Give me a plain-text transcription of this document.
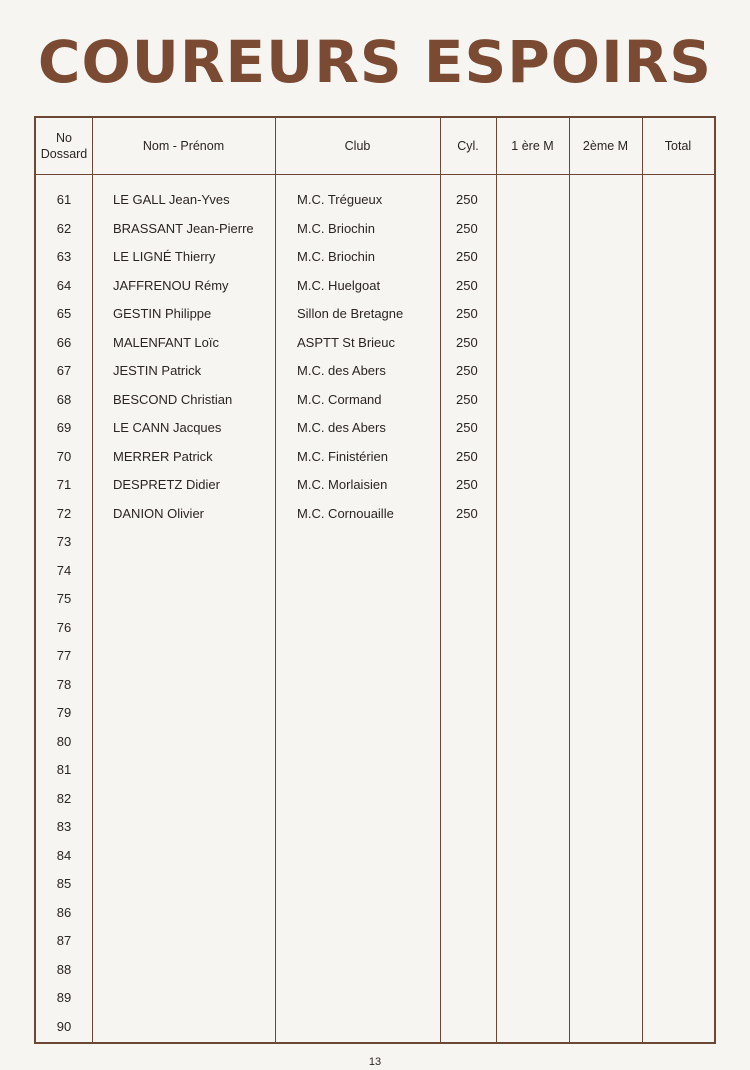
COUREURS ESPOIRS
No
Dossard
Nom - Prénom	Club	Cyl.	1 ère M	2ème M	Total
61	LE GALL Jean-Yves	M.C. Trégueux	250
62	BRASSANT Jean-Pierre	M.C. Briochin	250
63	LE LIGNÉ Thierry	M.C. Briochin	250
64	JAFFRENOU Rémy	M.C. Huelgoat	250
65	GESTIN Philippe	Sillon de Bretagne	250
66	MALENFANT Loïc	ASPTT St Brieuc	250
67	JESTIN Patrick	M.C. des Abers	250
68	BESCOND Christian	M.C. Cormand	250
69	LE CANN Jacques	M.C. des Abers	250
70	MERRER Patrick	M.C. Finistérien	250
71	DESPRETZ Didier	M.C. Morlaisien	250
72	DANION Olivier	M.C. Cornouaille	250
73
74
75
76
77
78
79
80
81
82
83
84
85
86
87
88
89
90
13
